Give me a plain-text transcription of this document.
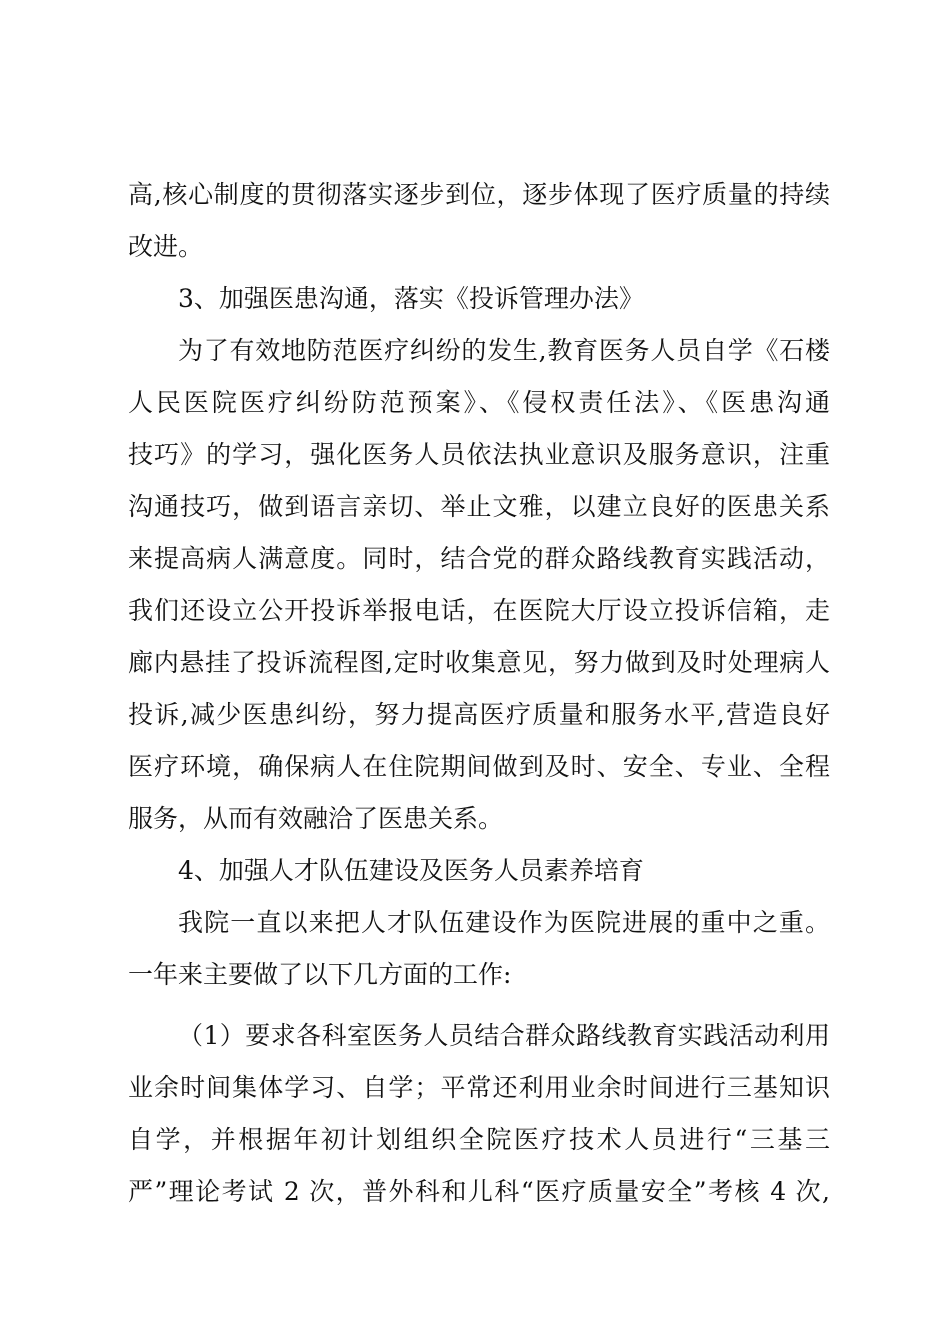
高,核心制度的贯彻落实逐步到位，逐步体现了医疗质量的持续
改进。
3、加强医患沟通，落实《投诉管理办法》
为了有效地防范医疗纠纷的发生,教育医务人员自学《石楼
人民医院医疗纠纷防范预案》、《侵权责任法》、《医患沟通
技巧》的学习，强化医务人员依法执业意识及服务意识，注重
沟通技巧，做到语言亲切、举止文雅，以建立良好的医患关系
来提高病人满意度。同时，结合党的群众路线教育实践活动，
我们还设立公开投诉举报电话，在医院大厅设立投诉信箱，走
廊内悬挂了投诉流程图,定时收集意见，努力做到及时处理病人
投诉,减少医患纠纷，努力提高医疗质量和服务水平,营造良好
医疗环境，确保病人在住院期间做到及时、安全、专业、全程
服务，从而有效融洽了医患关系。
4、加强人才队伍建设及医务人员素养培育
我院一直以来把人才队伍建设作为医院进展的重中之重。
一年来主要做了以下几方面的工作:
（1）要求各科室医务人员结合群众路线教育实践活动利用
业余时间集体学习、自学；平常还利用业余时间进行三基知识
自学，并根据年初计划组织全院医疗技术人员进行“三基三
严”理论考试 2 次，普外科和儿科“医疗质量安全”考核 4 次,
